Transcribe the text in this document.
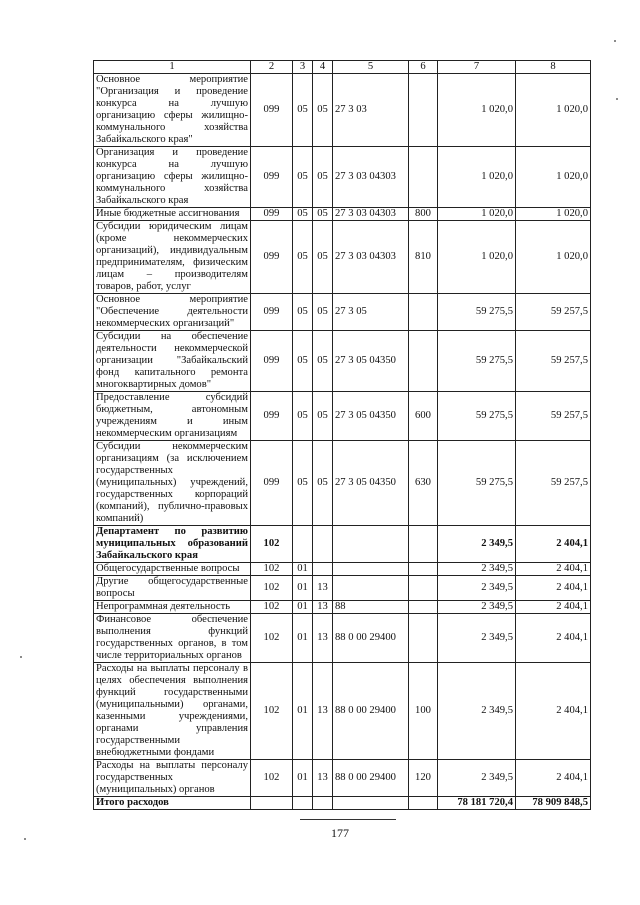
1	2	3	4	5	6	7	8
Основное мероприятие "Организация и проведение конкурса на лучшую организацию сферы жилищно-коммунального хозяйства Забайкальского края"	099	05	05	27 3 03		1 020,0	1 020,0
Организация и проведение конкурса на лучшую организацию сферы жилищно-коммунального хозяйства Забайкальского края	099	05	05	27 3 03 04303		1 020,0	1 020,0
Иные бюджетные ассигнования	099	05	05	27 3 03 04303	800	1 020,0	1 020,0
Субсидии юридическим лицам (кроме некоммерческих организаций), индивидуальным предпринимателям, физическим лицам – производителям товаров, работ, услуг	099	05	05	27 3 03 04303	810	1 020,0	1 020,0
Основное мероприятие "Обеспечение деятельности некоммерческих организаций"	099	05	05	27 3 05		59 275,5	59 257,5
Субсидии на обеспечение деятельности некоммерческой организации "Забайкальский фонд капитального ремонта многоквартирных домов"	099	05	05	27 3 05 04350		59 275,5	59 257,5
Предоставление субсидий бюджетным, автономным учреждениям и иным некоммерческим организациям	099	05	05	27 3 05 04350	600	59 275,5	59 257,5
Субсидии некоммерческим организациям (за исключением государственных (муниципальных) учреждений, государственных корпораций (компаний), публично-правовых компаний)	099	05	05	27 3 05 04350	630	59 275,5	59 257,5
Департамент по развитию муниципальных образований Забайкальского края	102					2 349,5	2 404,1
Общегосударственные вопросы	102	01				2 349,5	2 404,1
Другие общегосударственные вопросы	102	01	13			2 349,5	2 404,1
Непрограммная деятельность	102	01	13	88		2 349,5	2 404,1
Финансовое обеспечение выполнения функций государственных органов, в том числе территориальных органов	102	01	13	88 0 00 29400		2 349,5	2 404,1
Расходы на выплаты персоналу в целях обеспечения выполнения функций государственными (муниципальными) органами, казенными учреждениями, органами управления государственными внебюджетными фондами	102	01	13	88 0 00 29400	100	2 349,5	2 404,1
Расходы на выплаты персоналу государственных (муниципальных) органов	102	01	13	88 0 00 29400	120	2 349,5	2 404,1
Итого расходов						78 181 720,4	78 909 848,5
177
